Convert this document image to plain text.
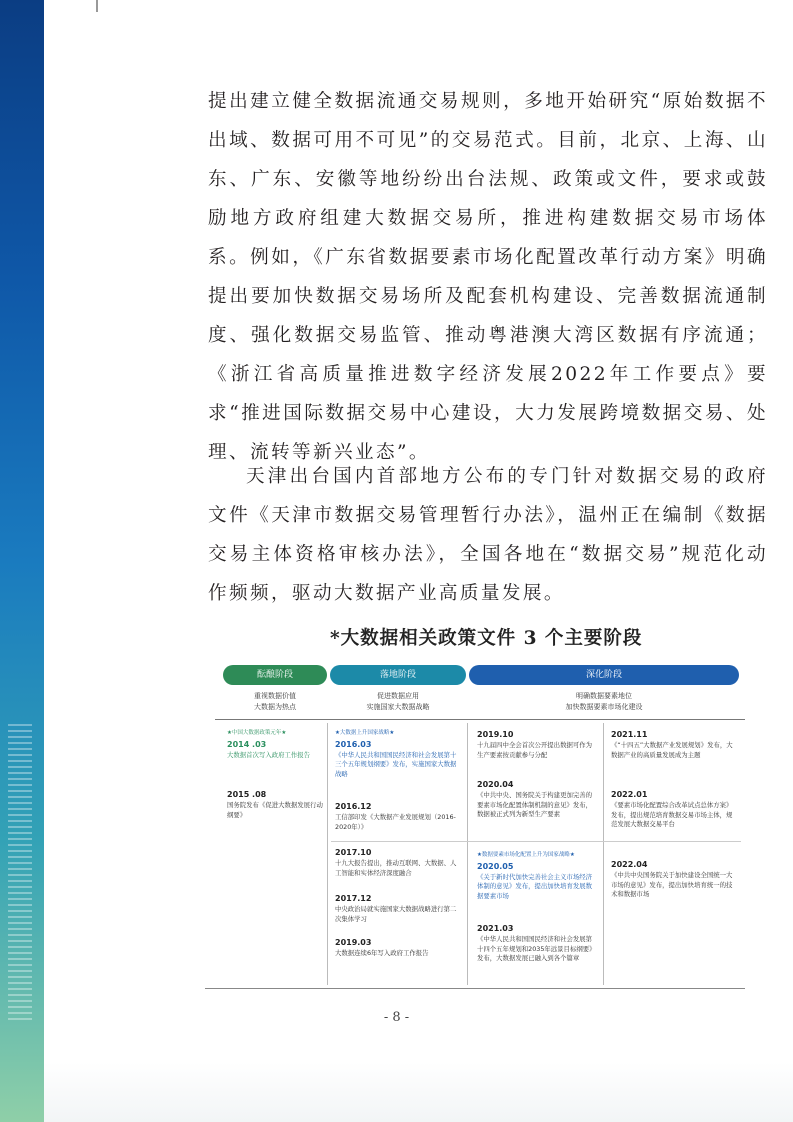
提出建立健全数据流通交易规则，多地开始研究“原始数据不出域、数据可用不可见”的交易范式。目前，北京、上海、山东、广东、安徽等地纷纷出台法规、政策或文件，要求或鼓励地方政府组建大数据交易所，推进构建数据交易市场体系。例如，《广东省数据要素市场化配置改革行动方案》明确提出要加快数据交易场所及配套机构建设、完善数据流通制度、强化数据交易监管、推动粤港澳大湾区数据有序流通；《浙江省高质量推进数字经济发展2022年工作要点》要求“推进国际数据交易中心建设，大力发展跨境数据交易、处理、流转等新兴业态”。

天津出台国内首部地方公布的专门针对数据交易的政府文件《天津市数据交易管理暂行办法》，温州正在编制《数据交易主体资格审核办法》，全国各地在“数据交易”规范化动作频频，驱动大数据产业高质量发展。

*大数据相关政策文件 3 个主要阶段
酝酿阶段	落地阶段	深化阶段
重视数据价值
大数据为热点
促进数据应用
实施国家大数据战略
明确数据要素地位
加快数据要素市场化建设
★中国大数据政策元年★
2014 .03
大数据首次写入政府工作报告
2015 .08
国务院发布《促进大数据发展行动纲要》
★大数据上升国家战略★
2016.03
《中华人民共和国国民经济和社会发展第十三个五年规划纲要》发布，实施国家大数据战略
2016.12
工信部印发《大数据产业发展规划（2016-2020年）》
2017.10
十九大报告提出，推动互联网、大数据、人工智能和实体经济深度融合
2017.12
中央政治局就实施国家大数据战略进行第二次集体学习
2019.03
大数据连续6年写入政府工作报告
2019.10
十九届四中全会首次公开提出数据可作为生产要素按贡献参与分配
2020.04
《中共中央、国务院关于构建更加完善的要素市场化配置体制机制的意见》发布，数据被正式列为新型生产要素
★数据要素市场化配置上升为国家战略★
2020.05
《关于新时代加快完善社会主义市场经济体制的意见》发布，提出加快培育发展数据要素市场
2021.03
《中华人民共和国国民经济和社会发展第十四个五年规划和2035年远景目标纲要》发布，大数据发展已融入到各个篇章
2021.11
《“十四五”大数据产业发展规划》发布，大数据产业的高质量发展成为主题
2022.01
《要素市场化配置综合改革试点总体方案》发布，提出规范培育数据交易市场主体，规范发展大数据交易平台
2022.04
《中共中央国务院关于加快建设全国统一大市场的意见》发布，提出加快培育统一的技术和数据市场
- 8 -
